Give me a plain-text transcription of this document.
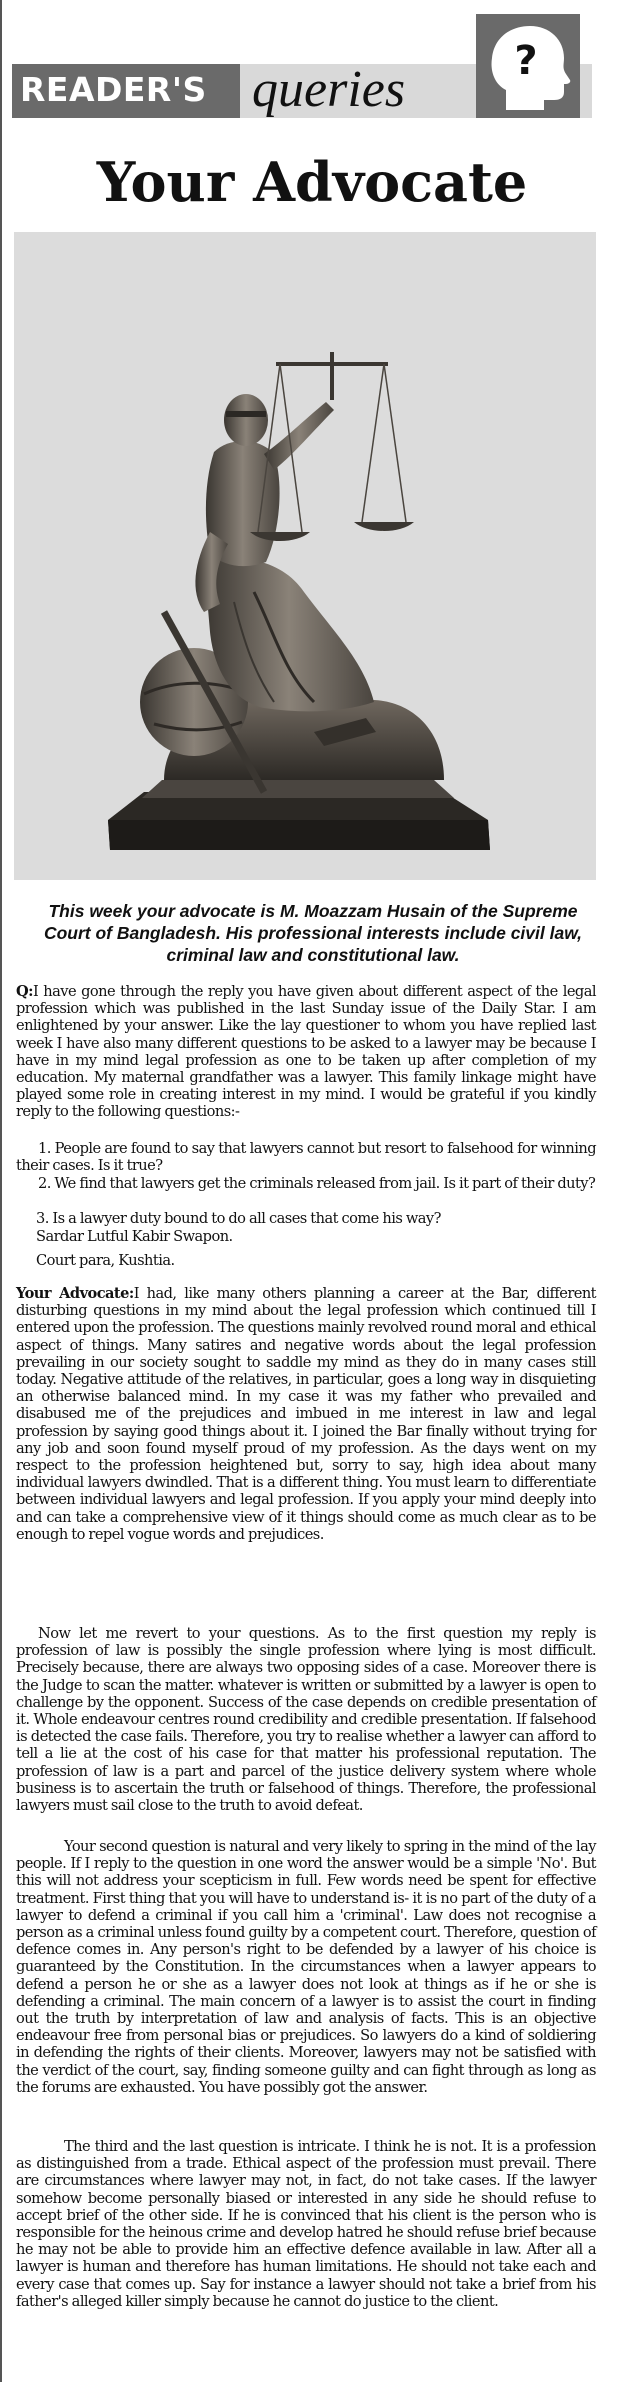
READER'S queries	?
Your Advocate
This week your advocate is M. Moazzam Husain of the Supreme Court of Bangladesh. His professional interests include civil law, criminal law and constitutional law.

Q:I have gone through the reply you have given about different aspect of the legal profession which was published in the last Sunday issue of the Daily Star. I am enlightened by your answer. Like the lay questioner to whom you have replied last week I have also many different questions to be asked to a lawyer may be because I have in my mind legal profession as one to be taken up after completion of my education. My maternal grandfather was a lawyer. This family linkage might have played some role in creating interest in my mind. I would be grateful if you kindly reply to the following questions:-

1. People are found to say that lawyers cannot but resort to falsehood for winning their cases. Is it true?

2. We find that lawyers get the criminals released from jail. Is it part of their duty?

3. Is a lawyer duty bound to do all cases that come his way?

Sardar Lutful Kabir Swapon.

Court para, Kushtia.

Your Advocate:I had, like many others planning a career at the Bar, different disturbing questions in my mind about the legal profession which continued till I entered upon the profession. The questions mainly revolved round moral and ethical aspect of things. Many satires and negative words about the legal profession prevailing in our society sought to saddle my mind as they do in many cases still today. Negative attitude of the relatives, in particular, goes a long way in disquieting an otherwise balanced mind. In my case it was my father who prevailed and disabused me of the prejudices and imbued in me interest in law and legal profession by saying good things about it. I joined the Bar finally without trying for any job and soon found myself proud of my profession. As the days went on my respect to the profession heightened but, sorry to say, high idea about many individual lawyers dwindled. That is a different thing. You must learn to differentiate between individual lawyers and legal profession. If you apply your mind deeply into and can take a comprehensive view of it things should come as much clear as to be enough to repel vogue words and prejudices.

Now let me revert to your questions. As to the first question my reply is profession of law is possibly the single profession where lying is most difficult. Precisely because, there are always two opposing sides of a case. Moreover there is the Judge to scan the matter. whatever is written or submitted by a lawyer is open to challenge by the opponent. Success of the case depends on credible presentation of it. Whole endeavour centres round credibility and credible presentation. If falsehood is detected the case fails. Therefore, you try to realise whether a lawyer can afford to tell a lie at the cost of his case for that matter his professional reputation. The profession of law is a part and parcel of the justice delivery system where whole business is to ascertain the truth or falsehood of things. Therefore, the professional lawyers must sail close to the truth to avoid defeat.

Your second question is natural and very likely to spring in the mind of the lay people. If I reply to the question in one word the answer would be a simple 'No'. But this will not address your scepticism in full. Few words need be spent for effective treatment. First thing that you will have to understand is- it is no part of the duty of a lawyer to defend a criminal if you call him a 'criminal'. Law does not recognise a person as a criminal unless found guilty by a competent court. Therefore, question of defence comes in. Any person's right to be defended by a lawyer of his choice is guaranteed by the Constitution. In the circumstances when a lawyer appears to defend a person he or she as a lawyer does not look at things as if he or she is defending a criminal. The main concern of a lawyer is to assist the court in finding out the truth by interpretation of law and analysis of facts. This is an objective endeavour free from personal bias or prejudices. So lawyers do a kind of soldiering in defending the rights of their clients. Moreover, lawyers may not be satisfied with the verdict of the court, say, finding someone guilty and can fight through as long as the forums are exhausted. You have possibly got the answer.

The third and the last question is intricate. I think he is not. It is a profession as distinguished from a trade. Ethical aspect of the profession must prevail. There are circumstances where lawyer may not, in fact, do not take cases. If the lawyer somehow become personally biased or interested in any side he should refuse to accept brief of the other side. If he is convinced that his client is the person who is responsible for the heinous crime and develop hatred he should refuse brief because he may not be able to provide him an effective defence available in law. After all a lawyer is human and therefore has human limitations. He should not take each and every case that comes up. Say for instance a lawyer should not take a brief from his father's alleged killer simply because he cannot do justice to the client.
